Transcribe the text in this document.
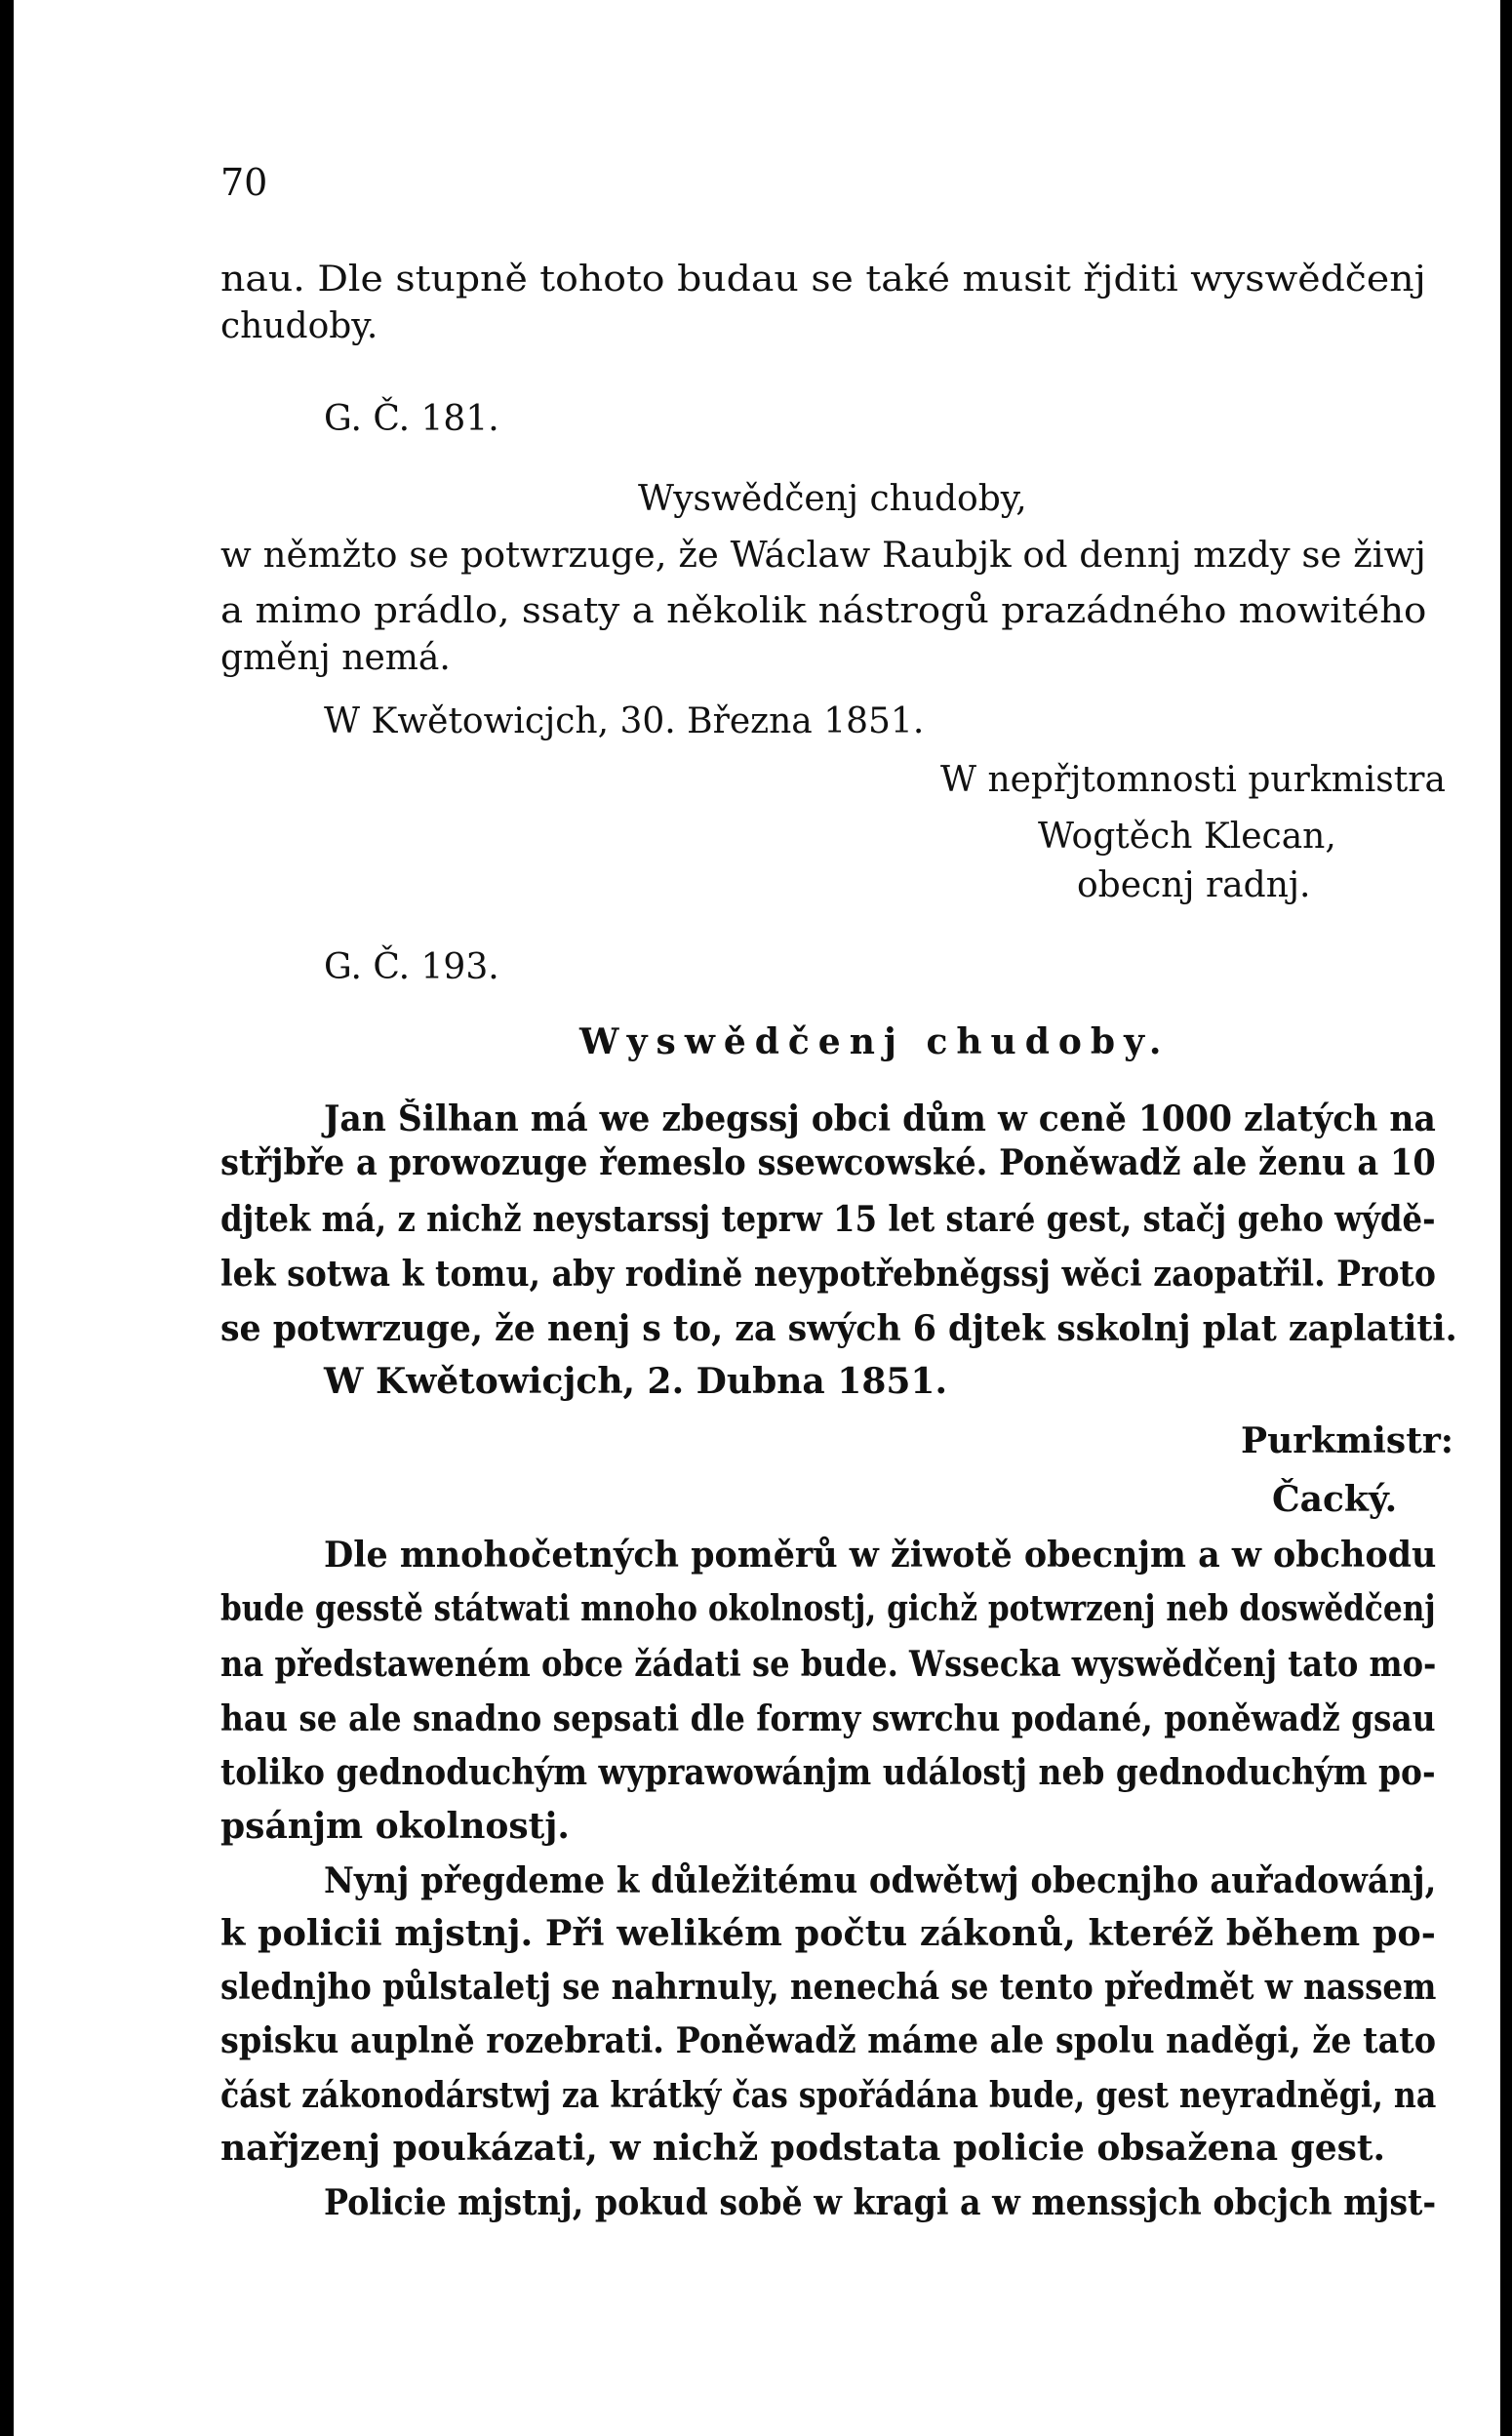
70
nau. Dle stupně tohoto budau se také musit řjditi wyswědčenj
chudoby.
G. Č. 181.
Wyswědčenj chudoby,
w němžto se potwrzuge, že Wáclaw Raubjk od dennj mzdy se žiwj
a mimo prádlo, ssaty a několik nástrogů prazádného mowitého
gměnj nemá.
W Kwětowicjch, 30. Března 1851.
W nepřjtomnosti purkmistra
Wogtěch Klecan,
obecnj radnj.
G. Č. 193.
Wyswědčenj chudoby.
Jan Šilhan má we zbegssj obci dům w ceně 1000 zlatých na
střjbře a prowozuge řemeslo ssewcowské. Poněwadž ale ženu a 10
djtek má, z nichž neystarssj teprw 15 let staré gest, stačj geho wýdě-
lek sotwa k tomu, aby rodině neypotřebněgssj wěci zaopatřil. Proto
se potwrzuge, že nenj s to, za swých 6 djtek sskolnj plat zaplatiti.
W Kwětowicjch, 2. Dubna 1851.
Purkmistr:
Čacký.
Dle mnohočetných poměrů w žiwotě obecnjm a w obchodu
bude gesstě státwati mnoho okolnostj, gichž potwrzenj neb doswědčenj
na předstaweném obce žádati se bude. Wssecka wyswědčenj tato mo-
hau se ale snadno sepsati dle formy swrchu podané, poněwadž gsau
toliko gednoduchým wyprawowánjm událostj neb gednoduchým po-
psánjm okolnostj.
Nynj přegdeme k důležitému odwětwj obecnjho auřadowánj,
k policii mjstnj. Při welikém počtu zákonů, kteréž během po-
slednjho půlstaletj se nahrnuly, nenechá se tento předmět w nassem
spisku auplně rozebrati. Poněwadž máme ale spolu naděgi, že tato
část zákonodárstwj za krátký čas spořádána bude, gest neyradněgi, na
nařjzenj poukázati, w nichž podstata policie obsažena gest.
Policie mjstnj, pokud sobě w kragi a w menssjch obcjch mjst-
